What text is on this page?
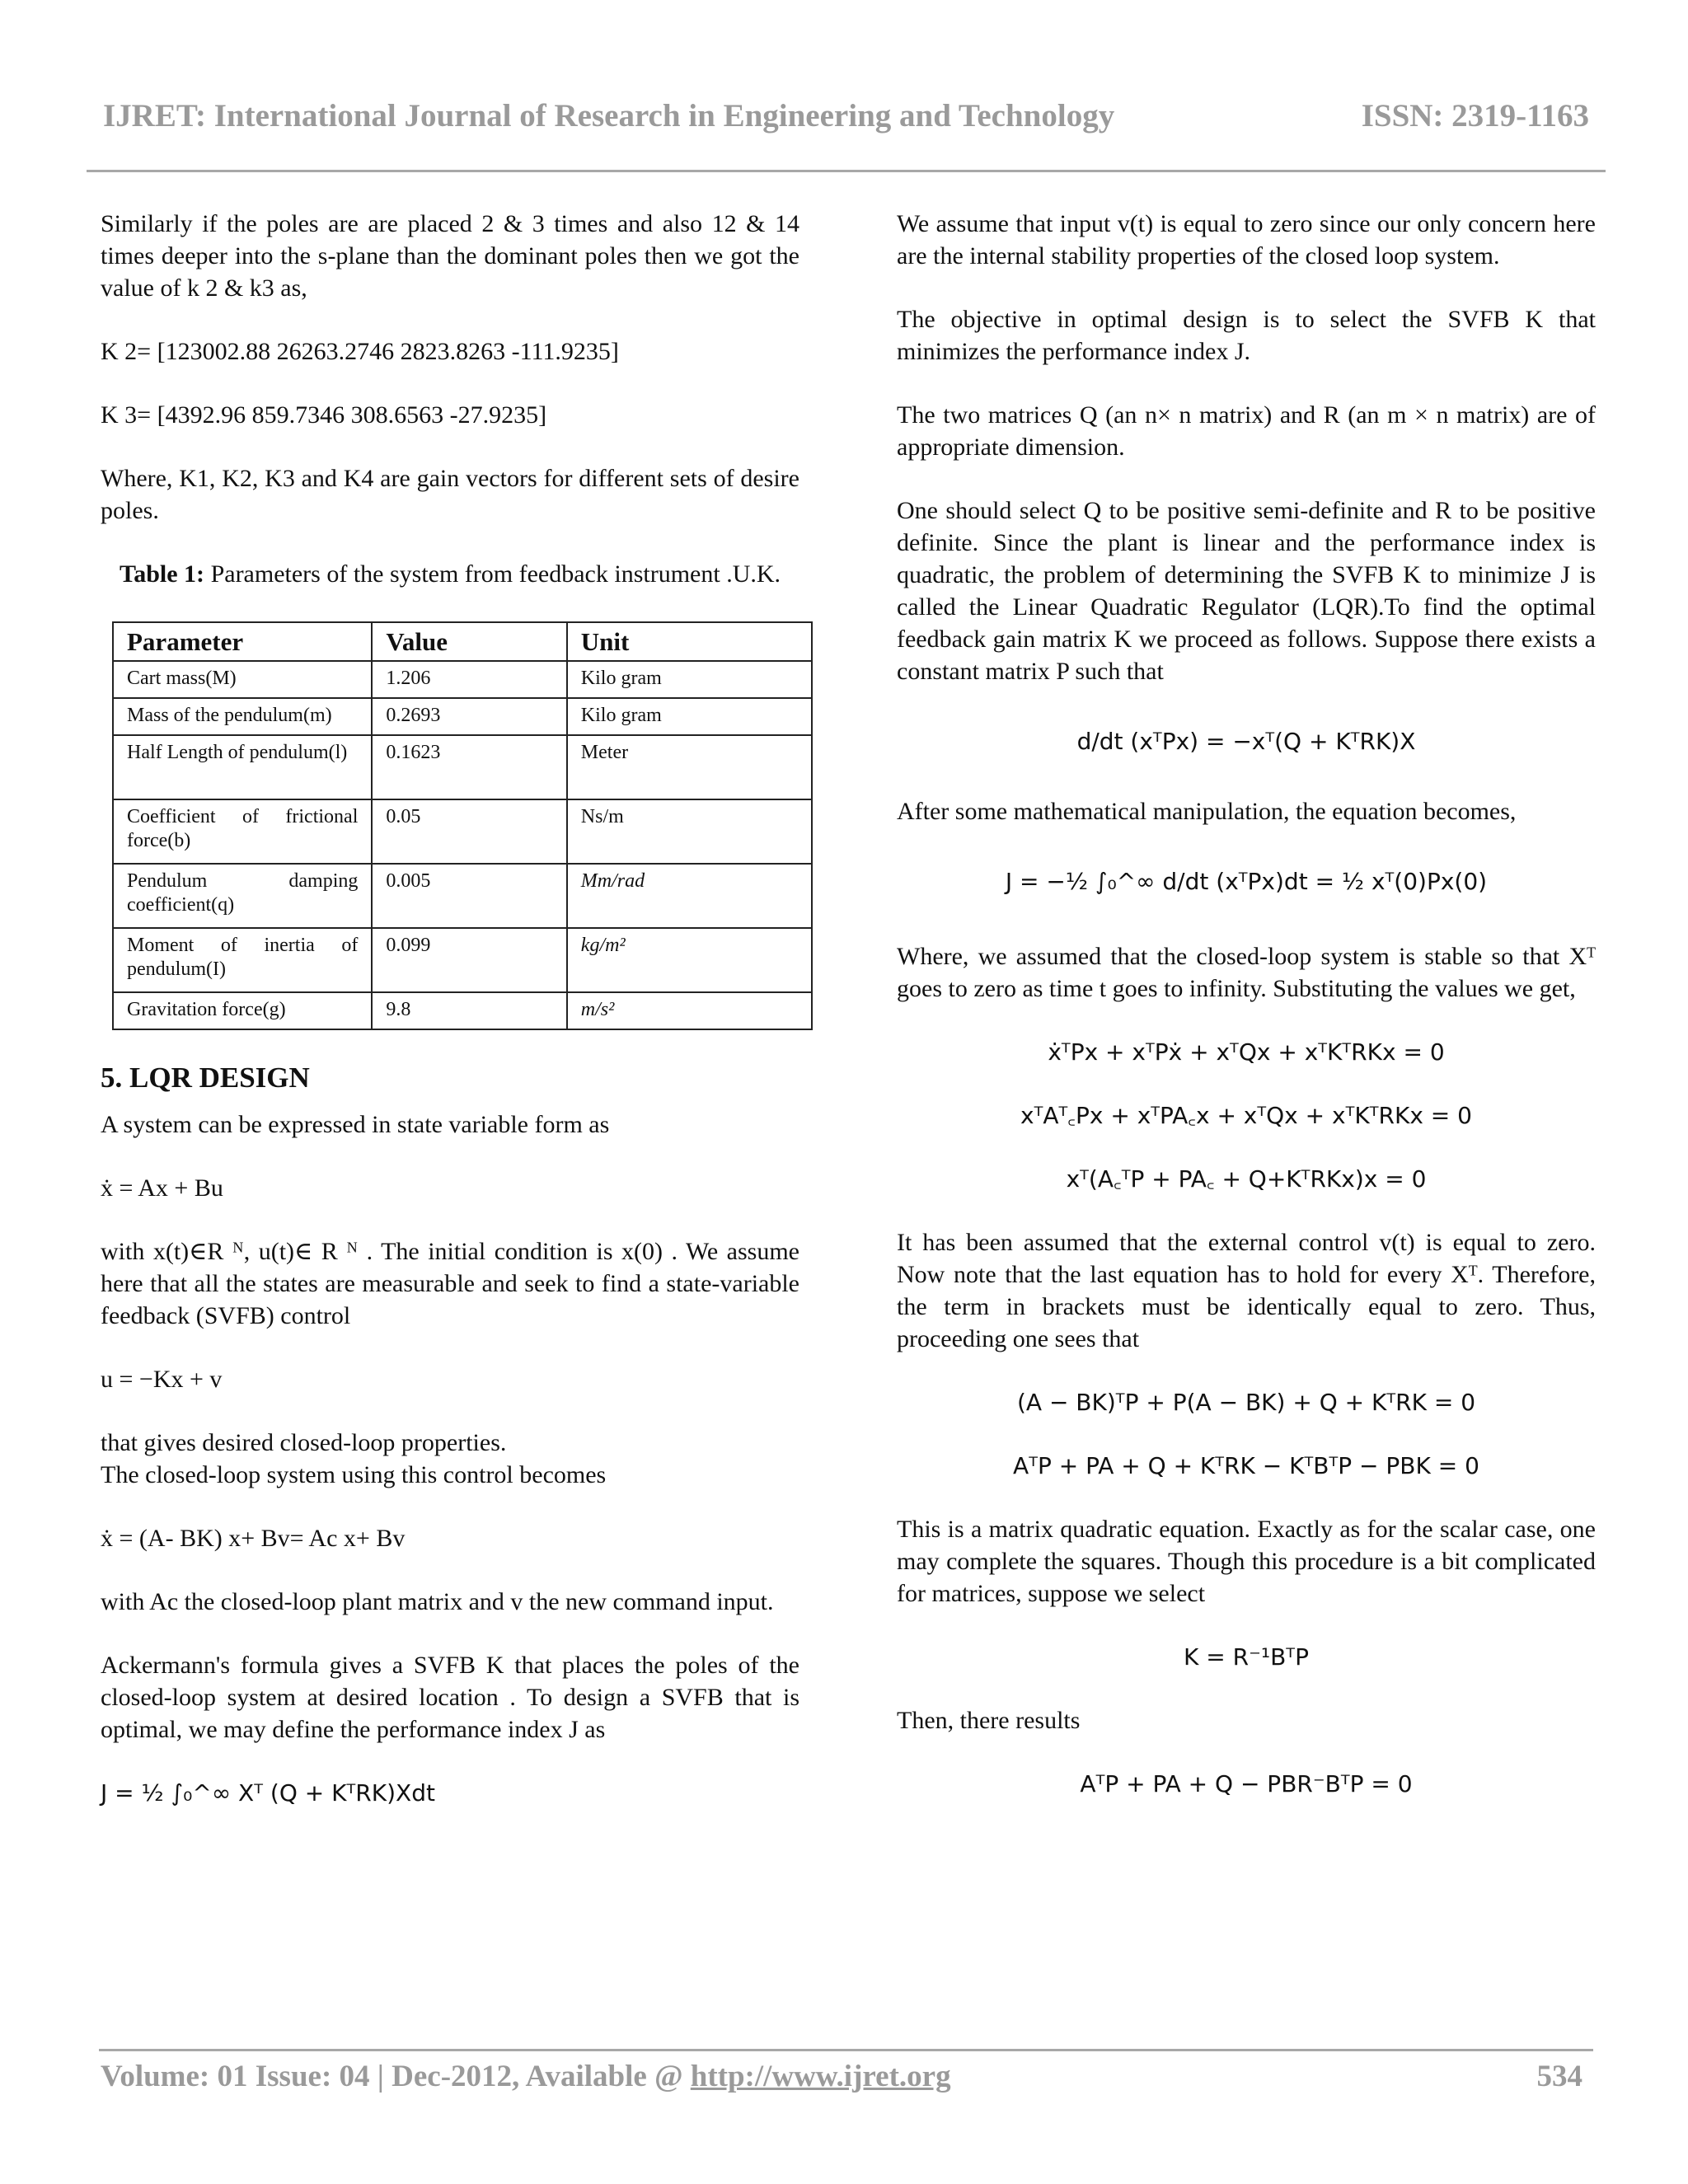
IJRET: International Journal of Research in Engineering and Technology	ISSN: 2319-1163

Similarly if the poles are are placed 2 & 3 times and also 12 & 14 times deeper into the s-plane than the dominant poles then we got the value of k 2 & k3 as,

K 2= [123002.88 26263.2746 2823.8263 -111.9235]

K 3= [4392.96 859.7346 308.6563 -27.9235]

Where, K1, K2, K3 and K4 are gain vectors for different sets of desire poles.

Table 1: Parameters of the system from feedback instrument .U.K.
Parameter	Value	Unit
Cart mass(M)	1.206	Kilo gram
Mass of the pendulum(m)	0.2693	Kilo gram
Half Length of pendulum(l)	0.1623	Meter
Coefficient of frictional force(b)	0.05	Ns/m
Pendulum damping coefficient(q)	0.005	Mm/rad
Moment of inertia of pendulum(I)	0.099	kg/m²
Gravitation force(g)	9.8	m/s²
5. LQR DESIGN

A system can be expressed in state variable form as

ẋ = Ax + Bu

with x(t)∈R ᴺ, u(t)∈ R ᴺ . The initial condition is x(0) . We assume here that all the states are measurable and seek to find a state-variable feedback (SVFB) control

u = −Kx + v

that gives desired closed-loop properties.

The closed-loop system using this control becomes

ẋ = (A- BK) x+ Bv= Ac x+ Bv

with Ac the closed-loop plant matrix and v the new command input.

Ackermann's formula gives a SVFB K that places the poles of the closed-loop system at desired location . To design a SVFB that is optimal, we may define the performance index J as

J = ½ ∫₀^∞ Xᵀ (Q + KᵀRK)Xdt

We assume that input v(t) is equal to zero since our only concern here are the internal stability properties of the closed loop system.

The objective in optimal design is to select the SVFB K that minimizes the performance index J.

The two matrices Q (an n× n matrix) and R (an m × n matrix) are of appropriate dimension.

One should select Q to be positive semi-definite and R to be positive definite. Since the plant is linear and the performance index is quadratic, the problem of determining the SVFB K to minimize J is called the Linear Quadratic Regulator (LQR).To find the optimal feedback gain matrix K we proceed as follows. Suppose there exists a constant matrix P such that

d/dt (xᵀPx) = −xᵀ(Q + KᵀRK)X

After some mathematical manipulation, the equation becomes,

J = −½ ∫₀^∞ d/dt (xᵀPx)dt = ½ xᵀ(0)Px(0)

Where, we assumed that the closed-loop system is stable so that Xᵀ goes to zero as time t goes to infinity. Substituting the values we get,

ẋᵀPx + xᵀPẋ + xᵀQx + xᵀKᵀRKx = 0
xᵀAᵀ꜀Px + xᵀPA꜀x + xᵀQx + xᵀKᵀRKx = 0
xᵀ(A꜀ᵀP + PA꜀ + Q+KᵀRKx)x = 0

It has been assumed that the external control v(t) is equal to zero. Now note that the last equation has to hold for every Xᵀ. Therefore, the term in brackets must be identically equal to zero. Thus, proceeding one sees that

(A − BK)ᵀP + P(A − BK) + Q + KᵀRK = 0
AᵀP + PA + Q + KᵀRK − KᵀBᵀP − PBK = 0

This is a matrix quadratic equation. Exactly as for the scalar case, one may complete the squares. Though this procedure is a bit complicated for matrices, suppose we select

K = R⁻¹BᵀP

Then, there results

AᵀP + PA + Q − PBR⁻BᵀP = 0
Volume: 01 Issue: 04 | Dec-2012, Available @ http://www.ijret.org	534
